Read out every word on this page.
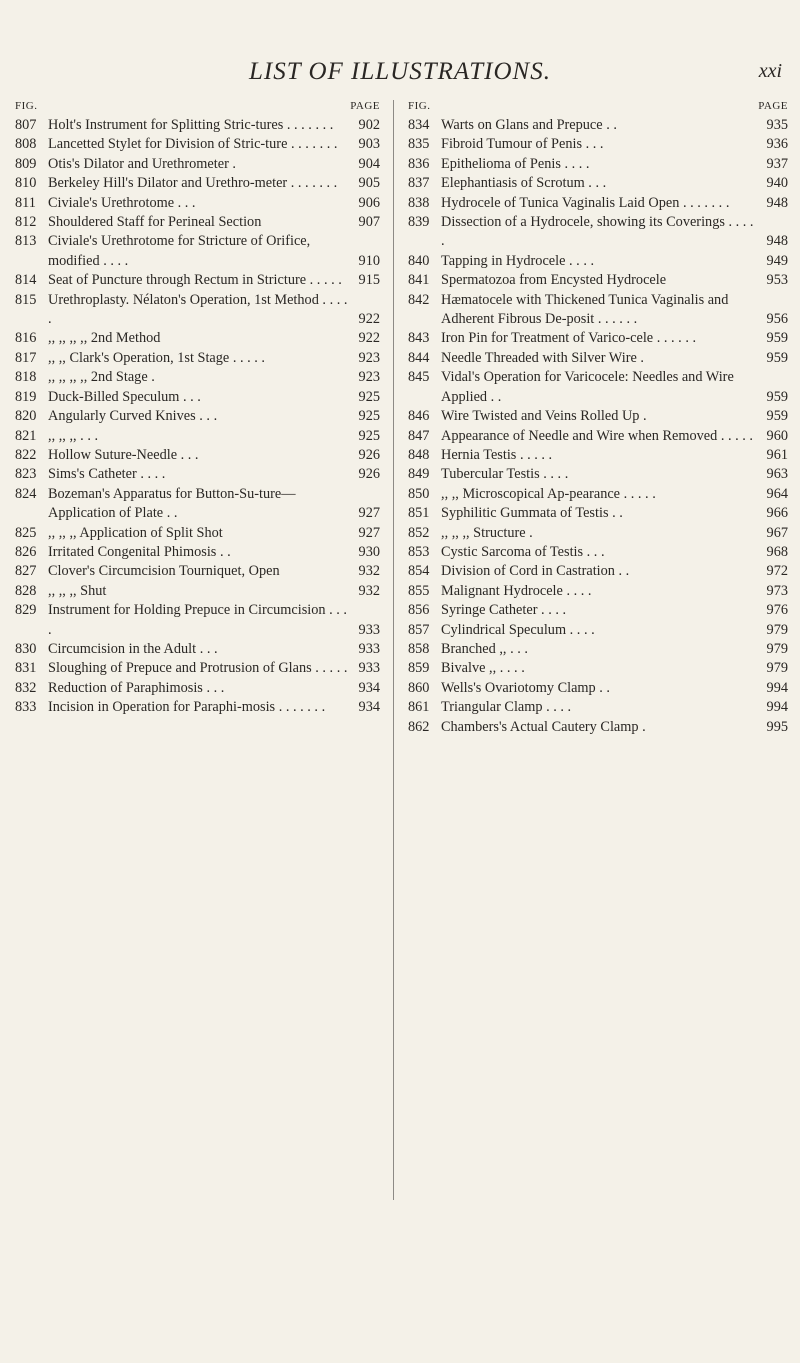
LIST OF ILLUSTRATIONS.	xxi
FIG.	PAGE
807 Holt's Instrument for Splitting Stric-tures . . . . . . .	902
808 Lancetted Stylet for Division of Stric-ture . . . . . . .	903
809 Otis's Dilator and Urethrometer .	904
810 Berkeley Hill's Dilator and Urethro-meter . . . . . . .	905
811 Civiale's Urethrotome . . .	906
812 Shouldered Staff for Perineal Section	907
813 Civiale's Urethrotome for Stricture of Orifice, modified . . . .	910
814 Seat of Puncture through Rectum in Stricture . . . . .	915
815 Urethroplasty. Nélaton's Operation, 1st Method . . . . .	922
816 ,, ,, ,, ,, 2nd Method	922
817 ,, ,, Clark's Operation, 1st Stage . . . . .	923
818 ,, ,, ,, ,, 2nd Stage .	923
819 Duck-Billed Speculum . . .	925
820 Angularly Curved Knives . . .	925
821 ,, ,, ,, . . .	925
822 Hollow Suture-Needle . . .	926
823 Sims's Catheter . . . .	926
824 Bozeman's Apparatus for Button-Su-ture—Application of Plate . .	927
825 ,, ,, ,, Application of Split Shot	927
826 Irritated Congenital Phimosis . .	930
827 Clover's Circumcision Tourniquet, Open	932
828 ,, ,, ,, Shut	932
829 Instrument for Holding Prepuce in Circumcision . . . .	933
830 Circumcision in the Adult . . .	933
831 Sloughing of Prepuce and Protrusion of Glans . . . . . 933
832 Reduction of Paraphimosis . . .	934
833 Incision in Operation for Paraphi-mosis . . . . . . .	934
FIG.	PAGE
834 Warts on Glans and Prepuce . .	935
835 Fibroid Tumour of Penis . . .	936
836 Epithelioma of Penis . . . .	937
837 Elephantiasis of Scrotum . . .	940
838 Hydrocele of Tunica Vaginalis Laid Open . . . . . . .	948
839 Dissection of a Hydrocele, showing its Coverings . . . . .	948
840 Tapping in Hydrocele . . . .	949
841 Spermatozoa from Encysted Hydrocele	953
842 Hæmatocele with Thickened Tunica Vaginalis and Adherent Fibrous De-posit . . . . . .	956
843 Iron Pin for Treatment of Varico-cele . . . . . .	959
844 Needle Threaded with Silver Wire .	959
845 Vidal's Operation for Varicocele: Needles and Wire Applied . .	959
846 Wire Twisted and Veins Rolled Up .	959
847 Appearance of Needle and Wire when Removed . . . . . 960
848 Hernia Testis . . . . .	961
849 Tubercular Testis . . . .	963
850 ,, ,, Microscopical Ap-pearance . . . . .	964
851 Syphilitic Gummata of Testis . .	966
852 ,, ,, ,, Structure .	967
853 Cystic Sarcoma of Testis . . .	968
854 Division of Cord in Castration . .	972
855 Malignant Hydrocele . . . .	973
856 Syringe Catheter . . . .	976
857 Cylindrical Speculum . . . .	979
858 Branched ,, . . .	979
859 Bivalve ,, . . . .	979
860 Wells's Ovariotomy Clamp . .	994
861 Triangular Clamp . . . .	994
862 Chambers's Actual Cautery Clamp .	995
